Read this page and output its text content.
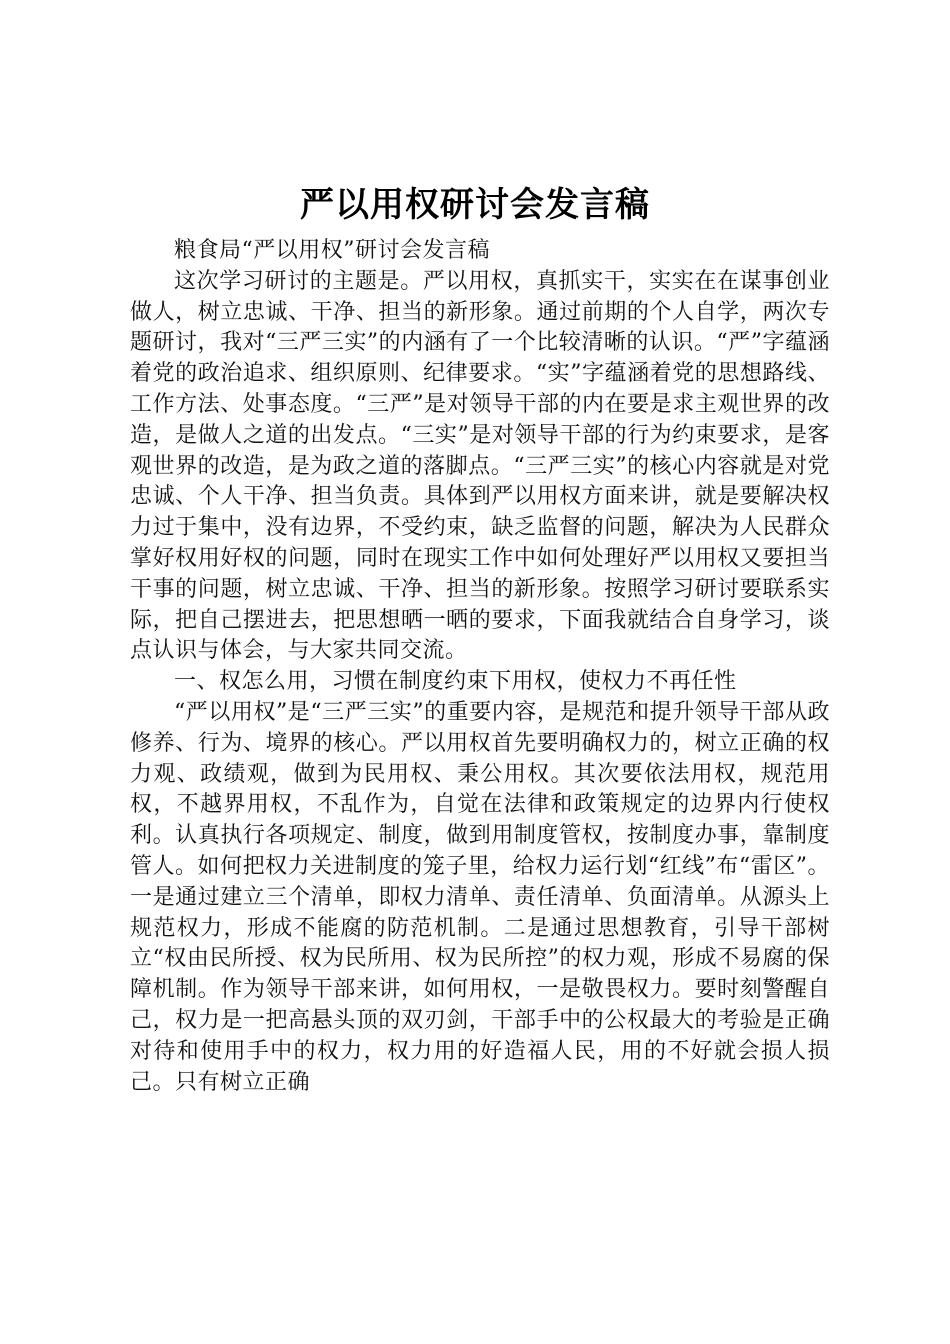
严以用权研讨会发言稿

粮食局“严以用权”研讨会发言稿

这次学习研讨的主题是。严以用权，真抓实干，实实在在谋事创业做人，树立忠诚、干净、担当的新形象。通过前期的个人自学，两次专题研讨，我对“三严三实”的内涵有了一个比较清晰的认识。“严”字蕴涵着党的政治追求、组织原则、纪律要求。“实”字蕴涵着党的思想路线、工作方法、处事态度。“三严”是对领导干部的内在要是求主观世界的改造，是做人之道的出发点。“三实”是对领导干部的行为约束要求，是客观世界的改造，是为政之道的落脚点。“三严三实”的核心内容就是对党忠诚、个人干净、担当负责。具体到严以用权方面来讲，就是要解决权力过于集中，没有边界，不受约束，缺乏监督的问题，解决为人民群众掌好权用好权的问题，同时在现实工作中如何处理好严以用权又要担当干事的问题，树立忠诚、干净、担当的新形象。按照学习研讨要联系实际，把自己摆进去，把思想晒一晒的要求，下面我就结合自身学习，谈点认识与体会，与大家共同交流。

一、权怎么用，习惯在制度约束下用权，使权力不再任性

“严以用权”是“三严三实”的重要内容，是规范和提升领导干部从政修养、行为、境界的核心。严以用权首先要明确权力的，树立正确的权力观、政绩观，做到为民用权、秉公用权。其次要依法用权，规范用权，不越界用权，不乱作为，自觉在法律和政策规定的边界内行使权利。认真执行各项规定、制度，做到用制度管权，按制度办事，靠制度管人。如何把权力关进制度的笼子里，给权力运行划“红线”布“雷区”。一是通过建立三个清单，即权力清单、责任清单、负面清单。从源头上规范权力，形成不能腐的防范机制。二是通过思想教育，引导干部树立“权由民所授、权为民所用、权为民所控”的权力观，形成不易腐的保障机制。作为领导干部来讲，如何用权，一是敬畏权力。要时刻警醒自己，权力是一把高悬头顶的双刃剑，干部手中的公权最大的考验是正确对待和使用手中的权力，权力用的好造福人民，用的不好就会损人损己。只有树立正确
